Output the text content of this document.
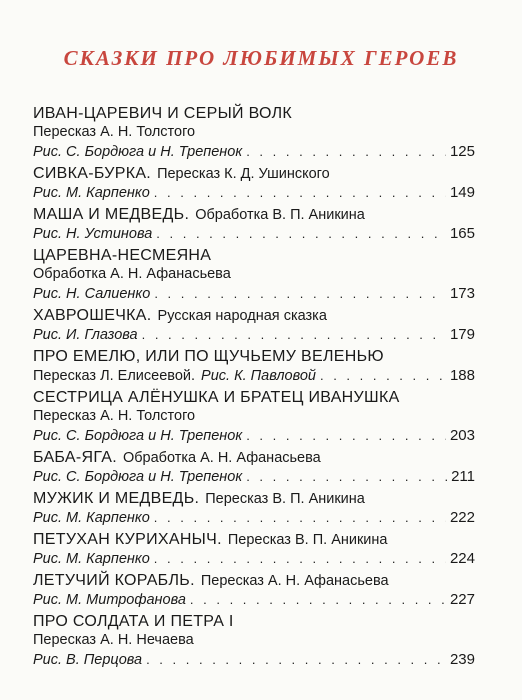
СКАЗКИ ПРО ЛЮБИМЫХ ГЕРОЕВ
ИВАН-ЦАРЕВИЧ И СЕРЫЙ ВОЛК
Пересказ А. Н. Толстого
Рис. С. Бордюга и Н. Трепенок . . .	125
СИВКА-БУРКА. Пересказ К. Д. Ушинского
Рис. М. Карпенко . . .	149
МАША И МЕДВЕДЬ. Обработка В. П. Аникина
Рис. Н. Устинова . . .	165
ЦАРЕВНА-НЕСМЕЯНА
Обработка А. Н. Афанасьева
Рис. Н. Салиенко . . .	173
ХАВРОШЕЧКА. Русская народная сказка
Рис. И. Глазова . . .	179
ПРО ЕМЕЛЮ, ИЛИ ПО ЩУЧЬЕМУ ВЕЛЕНЬЮ
Пересказ Л. Елисеевой. Рис. К. Павловой . . .	188
СЕСТРИЦА АЛЁНУШКА И БРАТЕЦ ИВАНУШКА
Пересказ А. Н. Толстого
Рис. С. Бордюга и Н. Трепенок . . .	203
БАБА-ЯГА. Обработка А. Н. Афанасьева
Рис. С. Бордюга и Н. Трепенок . . .	211
МУЖИК И МЕДВЕДЬ. Пересказ В. П. Аникина
Рис. М. Карпенко . . .	222
ПЕТУХАН КУРИХАНЫЧ. Пересказ В. П. Аникина
Рис. М. Карпенко . . .	224
ЛЕТУЧИЙ КОРАБЛЬ. Пересказ А. Н. Афанасьева
Рис. М. Митрофанова . . .	227
ПРО СОЛДАТА И ПЕТРА I
Пересказ А. Н. Нечаева
Рис. В. Перцова . . .	239
